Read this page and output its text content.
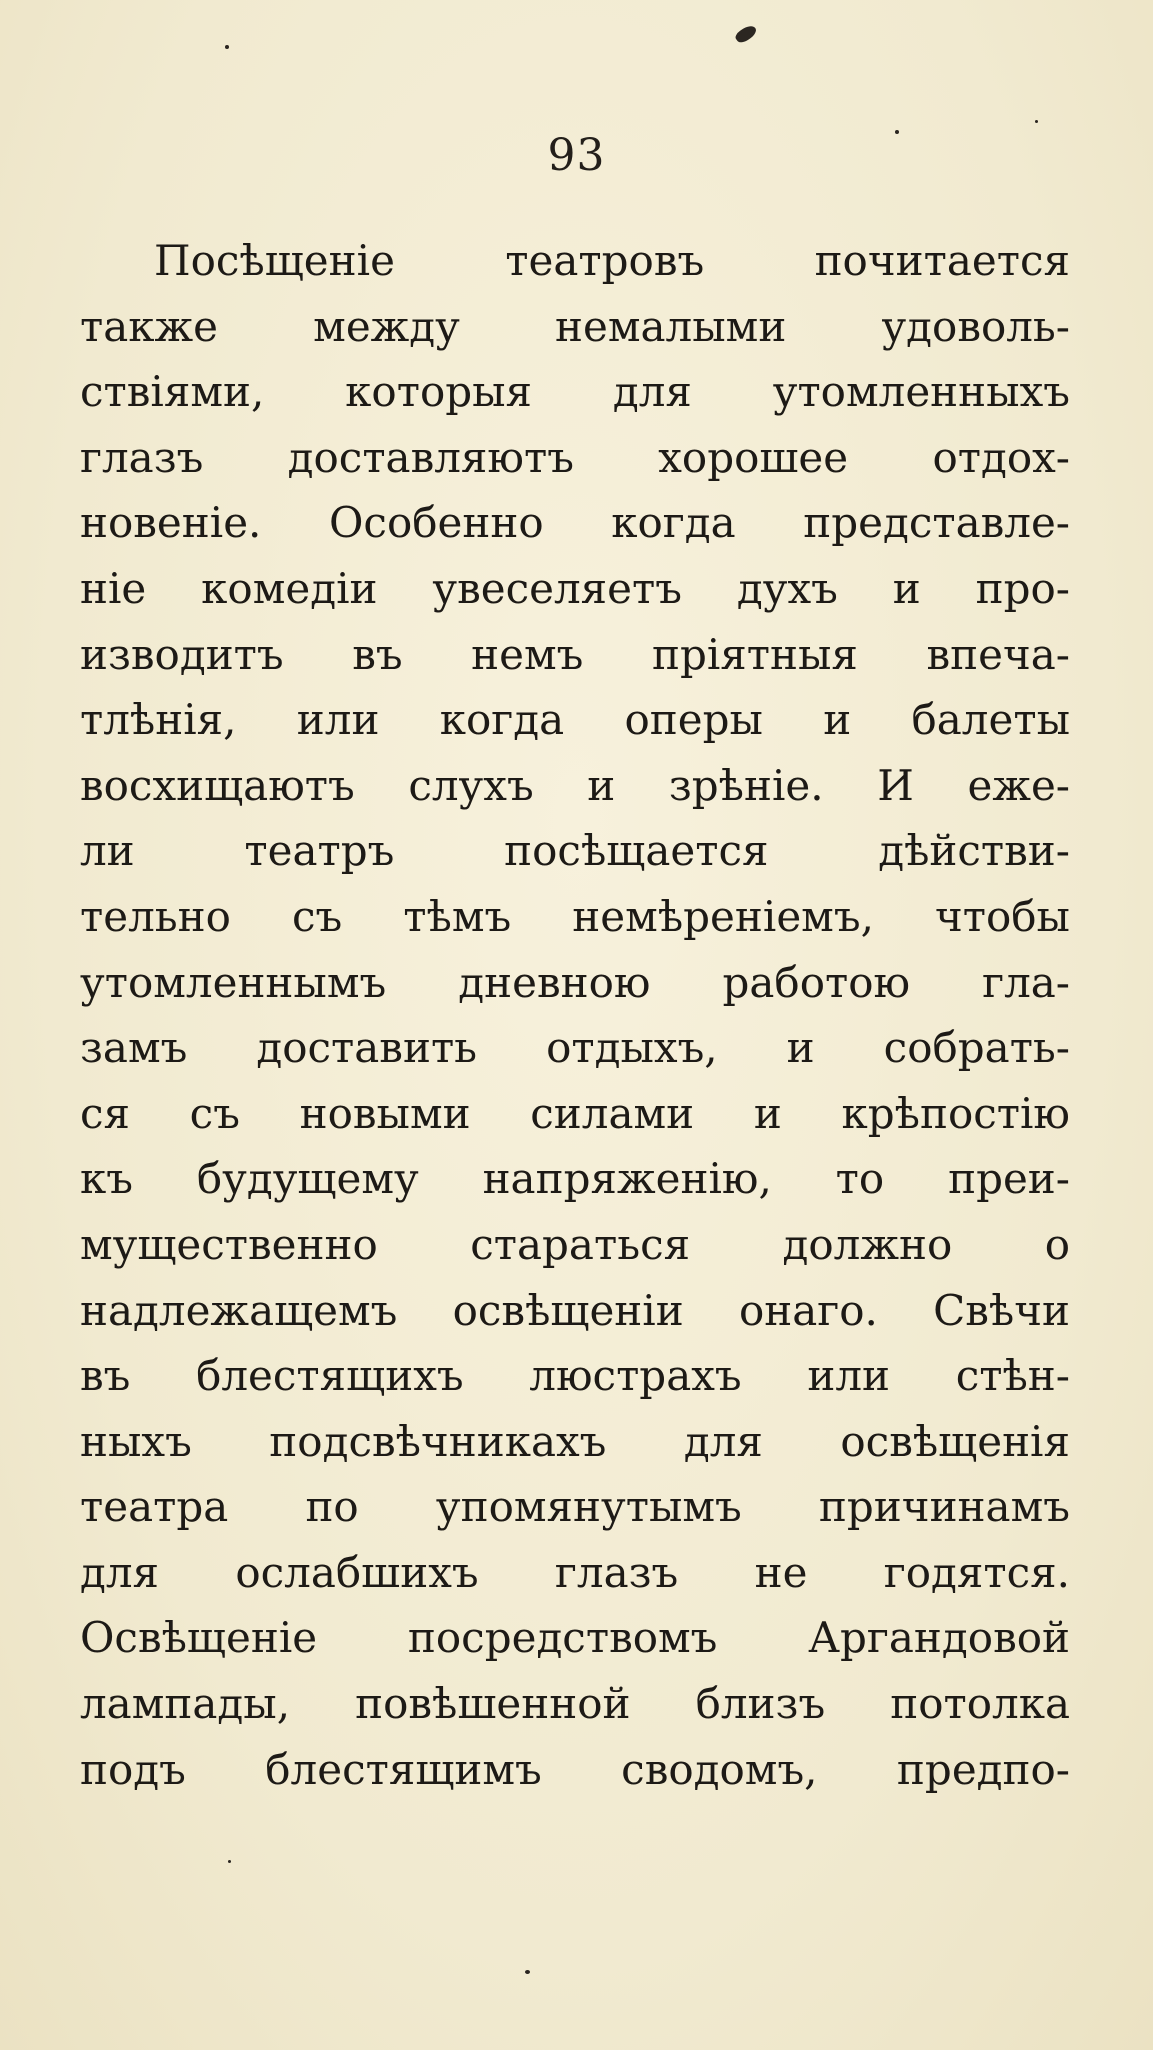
93
Посѣщеніе театровъ почитается
также между немалыми удоволь-
ствіями, которыя для утомленныхъ
глазъ доставляютъ хорошее отдох-
новеніе. Особенно когда представле-
ніе комедіи увеселяетъ духъ и про-
изводитъ въ немъ пріятныя впеча-
тлѣнія, или когда оперы и балеты
восхищаютъ слухъ и зрѣніе. И еже-
ли театръ посѣщается дѣйстви-
тельно съ тѣмъ немѣреніемъ, чтобы
утомленнымъ дневною работою гла-
замъ доставить отдыхъ, и собрать-
ся съ новыми силами и крѣпостію
къ будущему напряженію, то преи-
мущественно стараться должно о
надлежащемъ освѣщеніи онаго. Свѣчи
въ блестящихъ люстрахъ или стѣн-
ныхъ подсвѣчникахъ для освѣщенія
театра по упомянутымъ причинамъ
для ослабшихъ глазъ не годятся.
Освѣщеніе посредствомъ Аргандовой
лампады, повѣшенной близъ потолка
подъ блестящимъ сводомъ, предпо-
